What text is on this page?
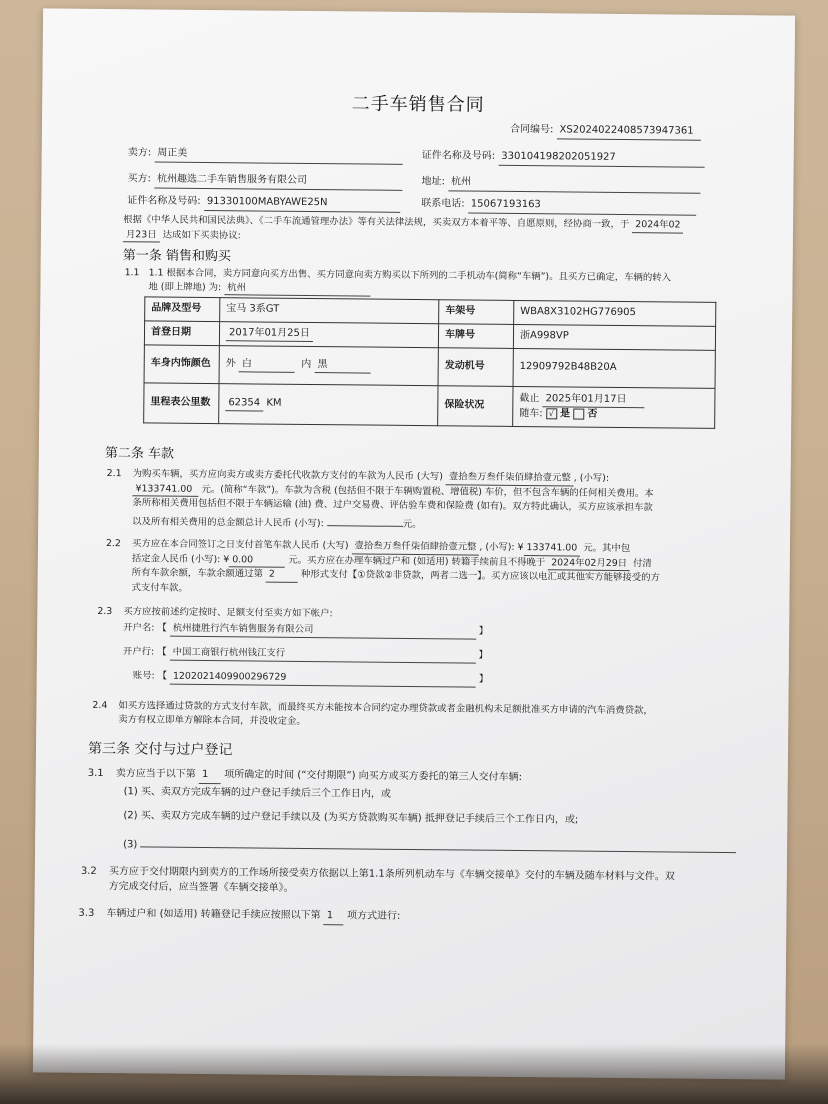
二手车销售合同
合同编号: XS2024022408573947361
卖方: 周正美	证件名称及号码: 330104198202051927
买方: 杭州趣选二手车销售服务有限公司	地址: 杭州
证件名称及号码: 91330100MABYAWE25N	联系电话: 15067193163
根据《中华人民共和国民法典》、《二手车流通管理办法》等有关法律法规，买卖双方本着平等、自愿原则，经协商一致，于 2024年02
月23日 达成如下买卖协议:
第一条 销售和购买
1.1 1.1 根据本合同，卖方同意向买方出售、买方同意向卖方购买以下所列的二手机动车(简称“车辆”)。且买方已确定，车辆的转入
地 (即上牌地) 为: 杭州
品牌及型号	宝马 3系GT	车架号	WBA8X3102HG776905
首登日期	2017年01月25日	车牌号	浙A998VP
车身内饰颜色	外 白 内 黑	发动机号	12909792B48B20A
里程表公里数	62354 KM	保险状况	截止 2025年01月17日
随车: √ 是 否
第二条 车款
2.1 为购买车辆，买方应向卖方或卖方委托代收款方支付的车款为人民币 (大写) 壹拾叁万叁仟柒佰肆拾壹元整 , (小写):
¥133741.00 元。(简称“车款”)。车款为含税 (包括但不限于车辆购置税、增值税) 车价，但不包含车辆的任何相关费用。本
条所称相关费用包括但不限于车辆运输 (油) 费、过户交易费、评估验车费和保险费 (如有)。双方特此确认，买方应该承担车款
以及所有相关费用的总金额总计人民币 (小写):	元。
2.2 买方应在本合同签订之日支付首笔车款人民币 (大写) 壹拾叁万叁仟柒佰肆拾壹元整 , (小写): ¥ 133741.00 元。其中包
括定金人民币 (小写): ¥ 0.00	元。买方应在办理车辆过户和 (如适用) 转籍手续前且不得晚于 2024年02月29日 付清
所有车款余额，车款余额通过第 2	种形式支付【①贷款②非贷款，两者二选一】。买方应该以电汇或其他实方能够接受的方
式支付车款。
2.3 买方应按前述约定按时、足额支付至卖方如下帐户:
开户名: 【 杭州捷胜行汽车销售服务有限公司	】
开户行: 【 中国工商银行杭州钱江支行	】
账号: 【 1202021409900296729	】
2.4 如买方选择通过贷款的方式支付车款，而最终买方未能按本合同约定办理贷款或者金融机构未足额批准买方申请的汽车消费贷款，
卖方有权立即单方解除本合同，并没收定金。
第三条 交付与过户登记
3.1 卖方应当于以下第 1 项所确定的时间 (“交付期限”) 向买方或买方委托的第三人交付车辆:
(1) 买、卖双方完成车辆的过户登记手续后三个工作日内，或
(2) 买、卖双方完成车辆的过户登记手续以及 (为买方贷款购买车辆) 抵押登记手续后三个工作日内，或;
(3)
3.2 买方应于交付期限内到卖方的工作场所接受卖方依据以上第1.1条所列机动车与《车辆交接单》交付的车辆及随车材料与文件。双
方完成交付后，应当签署《车辆交接单》。
3.3 车辆过户和 (如适用) 转籍登记手续应按照以下第 1 项方式进行:
